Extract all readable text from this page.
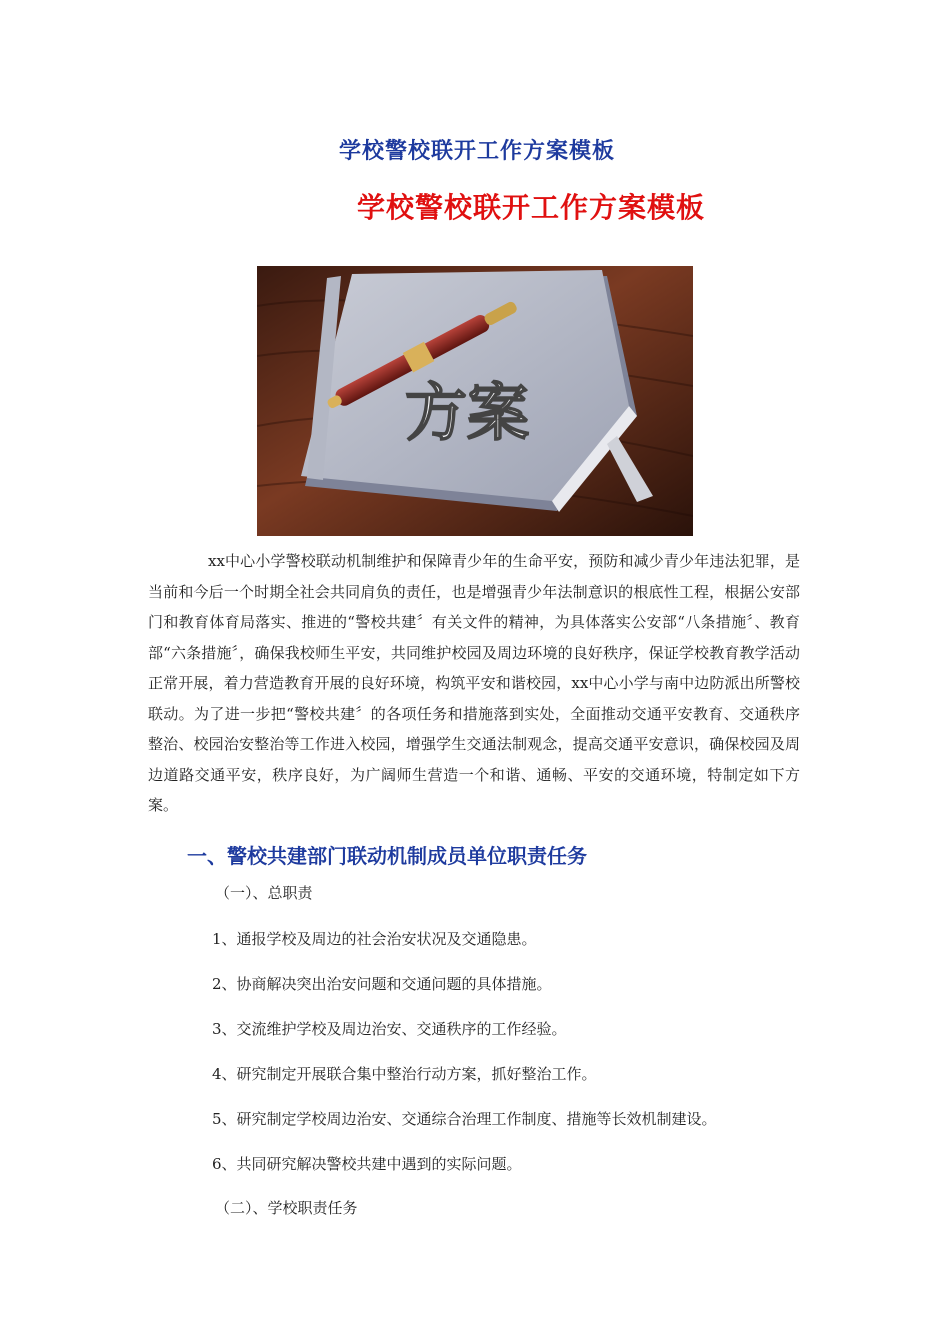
学校警校联开工作方案模板
学校警校联开工作方案模板
方案

xx中心小学警校联动机制维护和保障青少年的生命平安，预防和减少青少年违法犯罪，是当前和今后一个时期全社会共同肩负的责任，也是增强青少年法制意识的根底性工程，根据公安部门和教育体育局落实、推进的“警校共建〞有关文件的精神，为具体落实公安部“八条措施〞、教育部“六条措施〞，确保我校师生平安，共同维护校园及周边环境的良好秩序，保证学校教育教学活动正常开展，着力营造教育开展的良好环境，构筑平安和谐校园，xx中心小学与南中边防派出所警校联动。为了进一步把“警校共建〞的各项任务和措施落到实处，全面推动交通平安教育、交通秩序整治、校园治安整治等工作进入校园，增强学生交通法制观念，提高交通平安意识，确保校园及周边道路交通平安，秩序良好，为广阔师生营造一个和谐、通畅、平安的交通环境，特制定如下方案。

一、警校共建部门联动机制成员单位职责任务

（一）、总职责

1、通报学校及周边的社会治安状况及交通隐患。

2、协商解决突出治安问题和交通问题的具体措施。

3、交流维护学校及周边治安、交通秩序的工作经验。

4、研究制定开展联合集中整治行动方案，抓好整治工作。

5、研究制定学校周边治安、交通综合治理工作制度、措施等长效机制建设。

6、共同研究解决警校共建中遇到的实际问题。

（二）、学校职责任务
